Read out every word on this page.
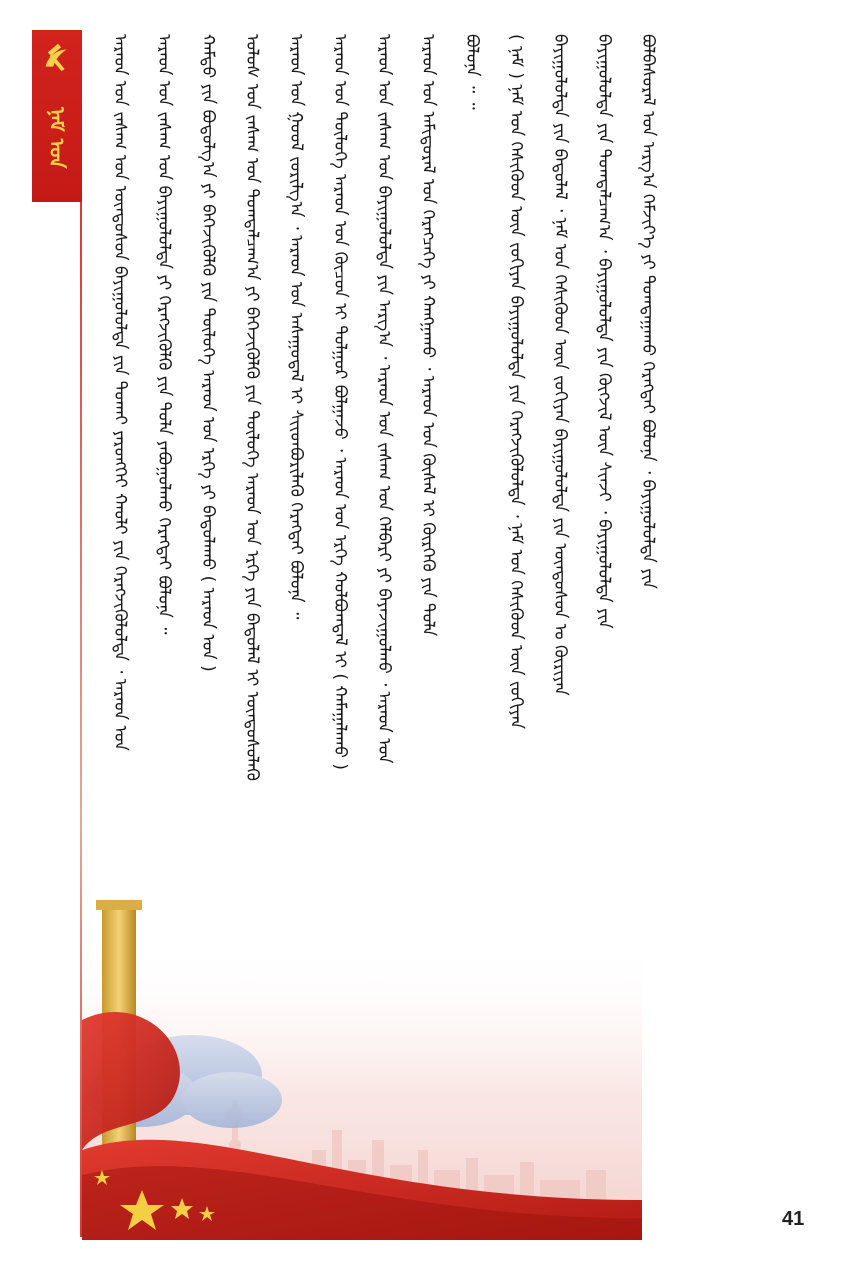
ᠨᠠᠮ ᠤᠨ	ᠠᠷᠠᠳ ᠤᠨ ᠵᠠᠰᠠᠭ ᠤᠨ ᠦᠨᠳᠦᠰᠦᠨ ᠪᠠᠶᠢᠭᠤᠯᠤᠯᠲᠠ ᠶᠢᠨ ᠲᠤᠬᠠᠢ ᠶᠡᠷᠦᠩᠬᠡᠢ ᠬᠠᠤᠯᠢ ᠶᠢᠨ ᠬᠡᠷᠡᠭᠵᠢᠭᠦᠯᠦᠯᠲᠡ ᠂ ᠠᠷᠠᠳ ᠤᠨ	ᠠᠷᠠᠳ ᠤᠨ ᠵᠠᠰᠠᠭ ᠤᠨ ᠪᠠᠶᠢᠭᠤᠯᠤᠯᠲᠠ ᠶᠢ ᠬᠡᠷᠡᠭᠵᠢᠭᠦᠯᠬᠦ ᠶᠢᠨ ᠲᠤᠯᠠ ᠶᠠᠪᠤᠭᠤᠯᠬᠤ ᠬᠡᠷᠡᠭᠲᠡᠢ ᠪᠣᠯᠤᠨᠠ ᠃	ᠬᠠᠮᠲᠤ ᠶᠢᠨ ᠪᠣᠳᠤᠯᠭ᠎ᠠ ᠶᠢ ᠪᠡᠬᠡᠵᠢᠭᠦᠯᠬᠦ ᠶᠢᠨ ᠲᠥᠯᠦᠭᠡ ᠠᠷᠠᠳ ᠤᠨ ᠡᠷᠬᠡ ᠶᠢ ᠪᠠᠲᠤᠯᠠᠬᠤ ( ᠠᠷᠠᠳ ᠤᠨ )	ᠤᠯᠤᠰ ᠤᠨ ᠵᠠᠰᠠᠭ ᠤᠨ ᠲᠣᠭᠲᠠᠯᠴᠠᠭ᠎ᠠ ᠶᠢ ᠪᠡᠬᠡᠵᠢᠭᠦᠯᠬᠦ ᠶᠢᠨ ᠲᠥᠯᠦᠭᠡ ᠠᠷᠠᠳ ᠤᠨ ᠡᠷᠬᠡ ᠶᠢᠨ ᠪᠠᠲᠤᠯᠠᠯ ᠢ ᠦᠨᠳᠦᠰᠦᠯᠡᠬᠦ	ᠠᠷᠠᠳ ᠤᠨ ᠭᠣᠣᠯ ᠵᠣᠷᠢᠯᠭ᠎ᠠ ᠂ ᠠᠷᠠᠳ ᠤᠨ ᠠᠰᠠᠭᠤᠳᠠᠯ ᠢ ᠰᠢᠢᠳᠪᠦᠷᠢᠯᠡᠬᠦ ᠬᠡᠷᠡᠭᠲᠡᠢ ᠪᠣᠯᠤᠨᠠ ᠃	ᠠᠷᠠᠳ ᠤᠨ ᠲᠥᠯᠦᠭᠡ ᠠᠷᠠᠳ ᠤᠨ ᠬᠦᠴᠦᠨ ᠢ ᠲᠤᠯᠭᠤᠷ ᠪᠣᠯᠭᠠᠵᠤ ᠂ ᠠᠷᠠᠳ ᠤᠨ ᠡᠷᠬᠡ ᠬᠣᠯᠪᠣᠭᠳᠠᠯ ᠢ ( ᠬᠠᠮᠠᠭᠠᠯᠠᠬᠤ )	ᠠᠷᠠᠳ ᠤᠨ ᠵᠠᠰᠠᠭ ᠤᠨ ᠪᠠᠶᠢᠭᠤᠯᠤᠯᠲᠠ ᠶᠢᠨ ᠠᠷᠭ᠎ᠠ ᠂ ᠠᠷᠠᠳ ᠤᠨ ᠵᠠᠰᠠᠭ ᠤᠨ ᠬᠡᠯᠪᠡᠷᠢ ᠶᠢ ᠪᠠᠶᠠᠵᠢᠭᠤᠯᠬᠤ ᠂ ᠠᠷᠠᠳ ᠤᠨ	ᠠᠷᠠᠳ ᠤᠨ ᠠᠮᠢᠳᠤᠷᠠᠯ ᠤᠨ ᠬᠡᠷᠡᠭᠴᠡᠭᠡ ᠶᠢ ᠬᠠᠩᠭᠠᠬᠤ ᠂ ᠠᠷᠠᠳ ᠤᠨ ᠬᠦᠰᠡᠯ ᠢ ᠬᠦᠷᠭᠡᠬᠦ ᠶᠢᠨ ᠲᠤᠯᠠ	ᠪᠣᠯᠤᠨᠠ ᠃ ᠃	( ᠨᠠᠮ ) ᠨᠠᠮ ᠤᠨ ᠭᠡᠰᠢᠭᠦᠳ ᠦᠨ ᠵᠣᠬᠢᠶᠠᠨ ᠪᠠᠶᠢᠭᠤᠯᠤᠯᠲᠠ ᠶᠢᠨ ᠬᠡᠷᠡᠭᠵᠢᠭᠦᠯᠦᠯᠲᠡ ᠂ ᠨᠠᠮ ᠤᠨ ᠭᠡᠰᠢᠭᠦᠳ ᠦᠨ ᠵᠣᠬᠢᠶᠠᠨ	ᠪᠠᠶᠢᠭᠤᠯᠤᠯᠲᠠ ᠶᠢᠨ ᠪᠠᠲᠤᠯᠠᠯ ᠂ ᠨᠠᠮ ᠤᠨ ᠭᠡᠰᠢᠭᠦᠳ ᠦᠨ ᠵᠣᠬᠢᠶᠠᠨ ᠪᠠᠶᠢᠭᠤᠯᠤᠯᠲᠠ ᠶᠢᠨ ᠦᠨᠳᠦᠰᠦᠨ ᠤ ᠬᠦᠷᠢᠶᠡᠨ	ᠪᠠᠶᠢᠭᠤᠯᠤᠯᠲᠠ ᠶᠢᠨ ᠲᠣᠭᠲᠠᠯᠴᠠᠭ᠎ᠠ ᠂ ᠪᠠᠶᠢᠭᠤᠯᠤᠯᠲᠠ ᠶᠢᠨ ᠬᠥᠭᠵᠢᠯ ᠦᠨ ᠰᠢᠨᠵᠢ ᠂ ᠪᠠᠶᠢᠭᠤᠯᠤᠯᠲᠠ ᠶᠢᠨ	ᠪᠣᠯᠪᠠᠰᠤᠷᠠᠯ ᠤᠨ ᠠᠷᠭ᠎ᠠ ᠬᠡᠮᠵᠢᠶ᠎ᠡ ᠶᠢ ᠲᠣᠭᠲᠠᠭᠠᠬᠤ ᠬᠡᠷᠡᠭᠲᠡᠢ ᠪᠣᠯᠤᠨᠠ ᠂ ᠪᠠᠶᠢᠭᠤᠯᠤᠯᠲᠠ ᠶᠢᠨ
41
